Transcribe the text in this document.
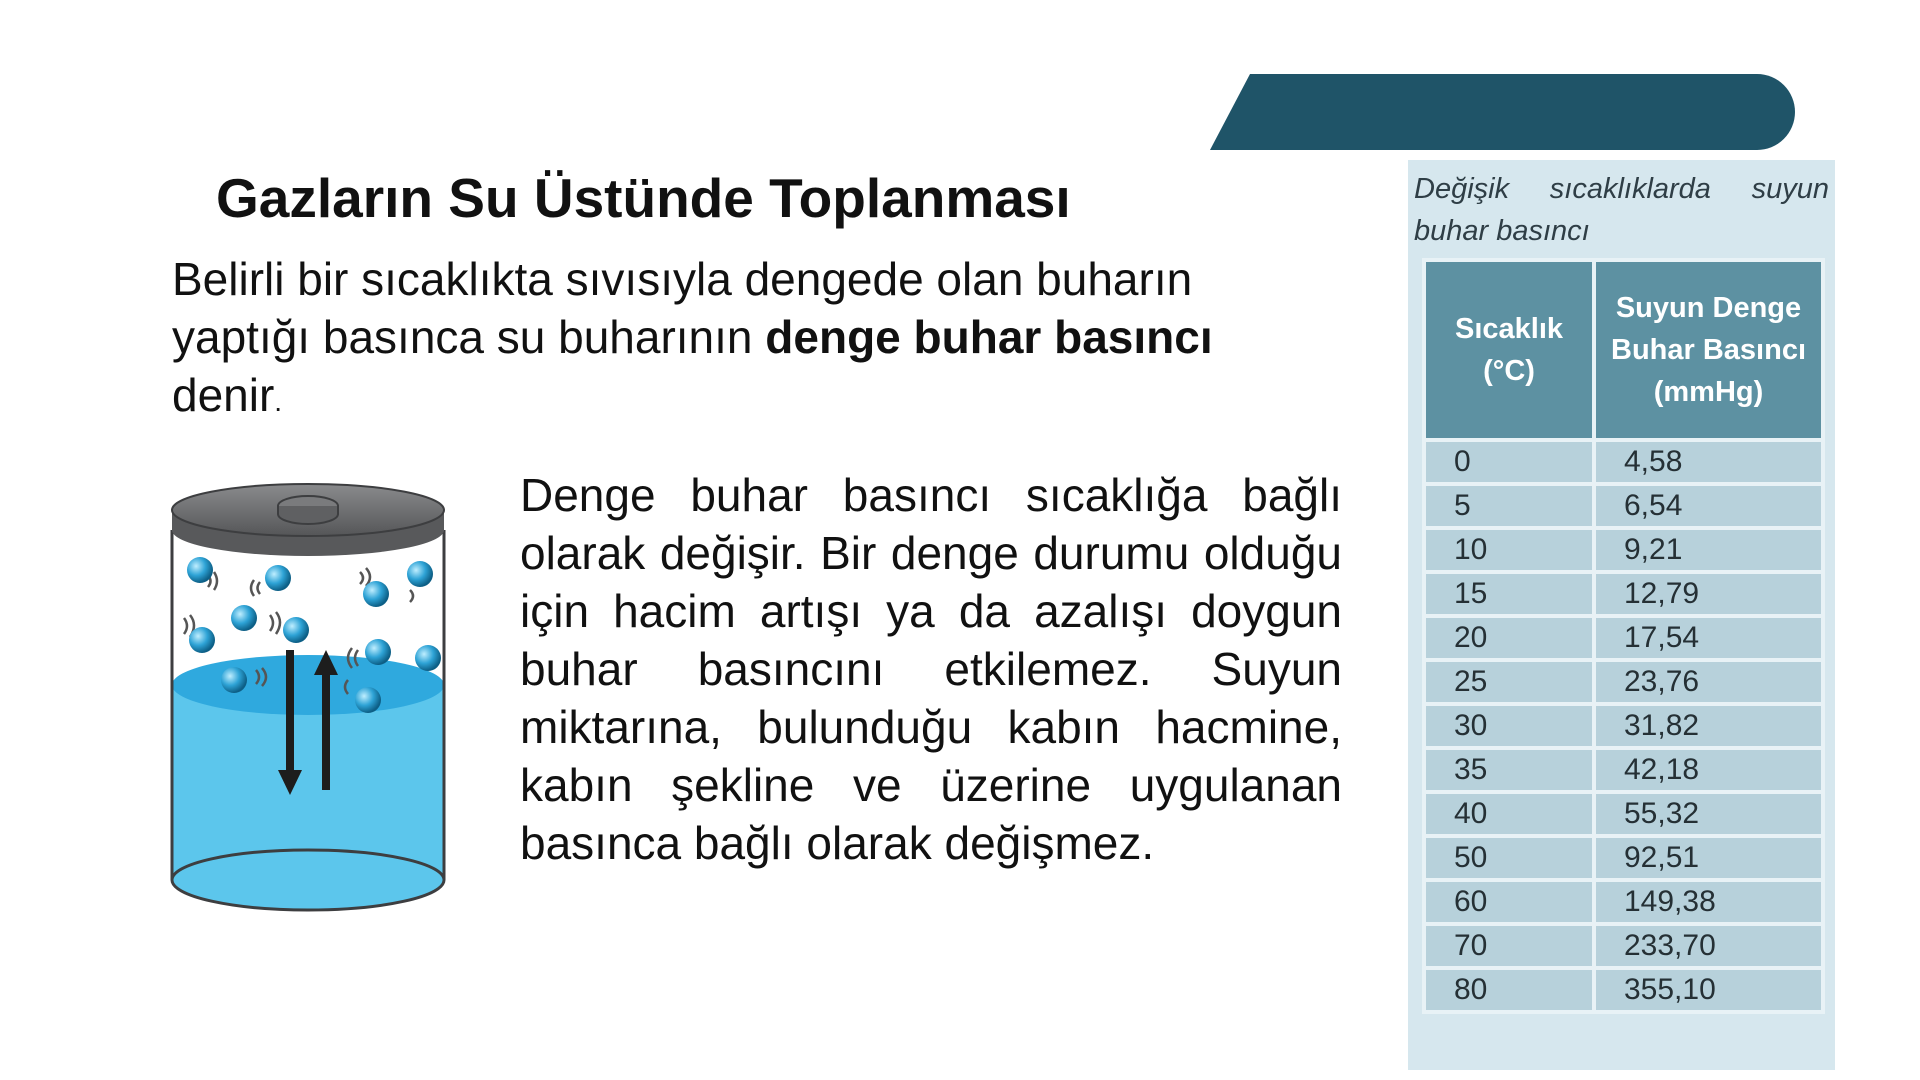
Gazların Su Üstünde Toplanması
Belirli bir sıcaklıkta sıvısıyla dengede olan buharın yaptığı basınca su buharının denge buhar basıncı denir.
Denge buhar basıncı sıcaklığa bağlı olarak değişir. Bir denge durumu olduğu için hacim artışı ya da azalışı doygun buhar basıncını etkilemez. Suyun miktarına, bulunduğu kabın hacmine, kabın şekline ve üzerine uygulanan basınca bağlı olarak değişmez.
Değişik sıcaklıklarda suyun buhar basıncı
Sıcaklık (°C)	Suyun Denge Buhar Basıncı (mmHg)
0	4,58
5	6,54
10	9,21
15	12,79
20	17,54
25	23,76
30	31,82
35	42,18
40	55,32
50	92,51
60	149,38
70	233,70
80	355,10
